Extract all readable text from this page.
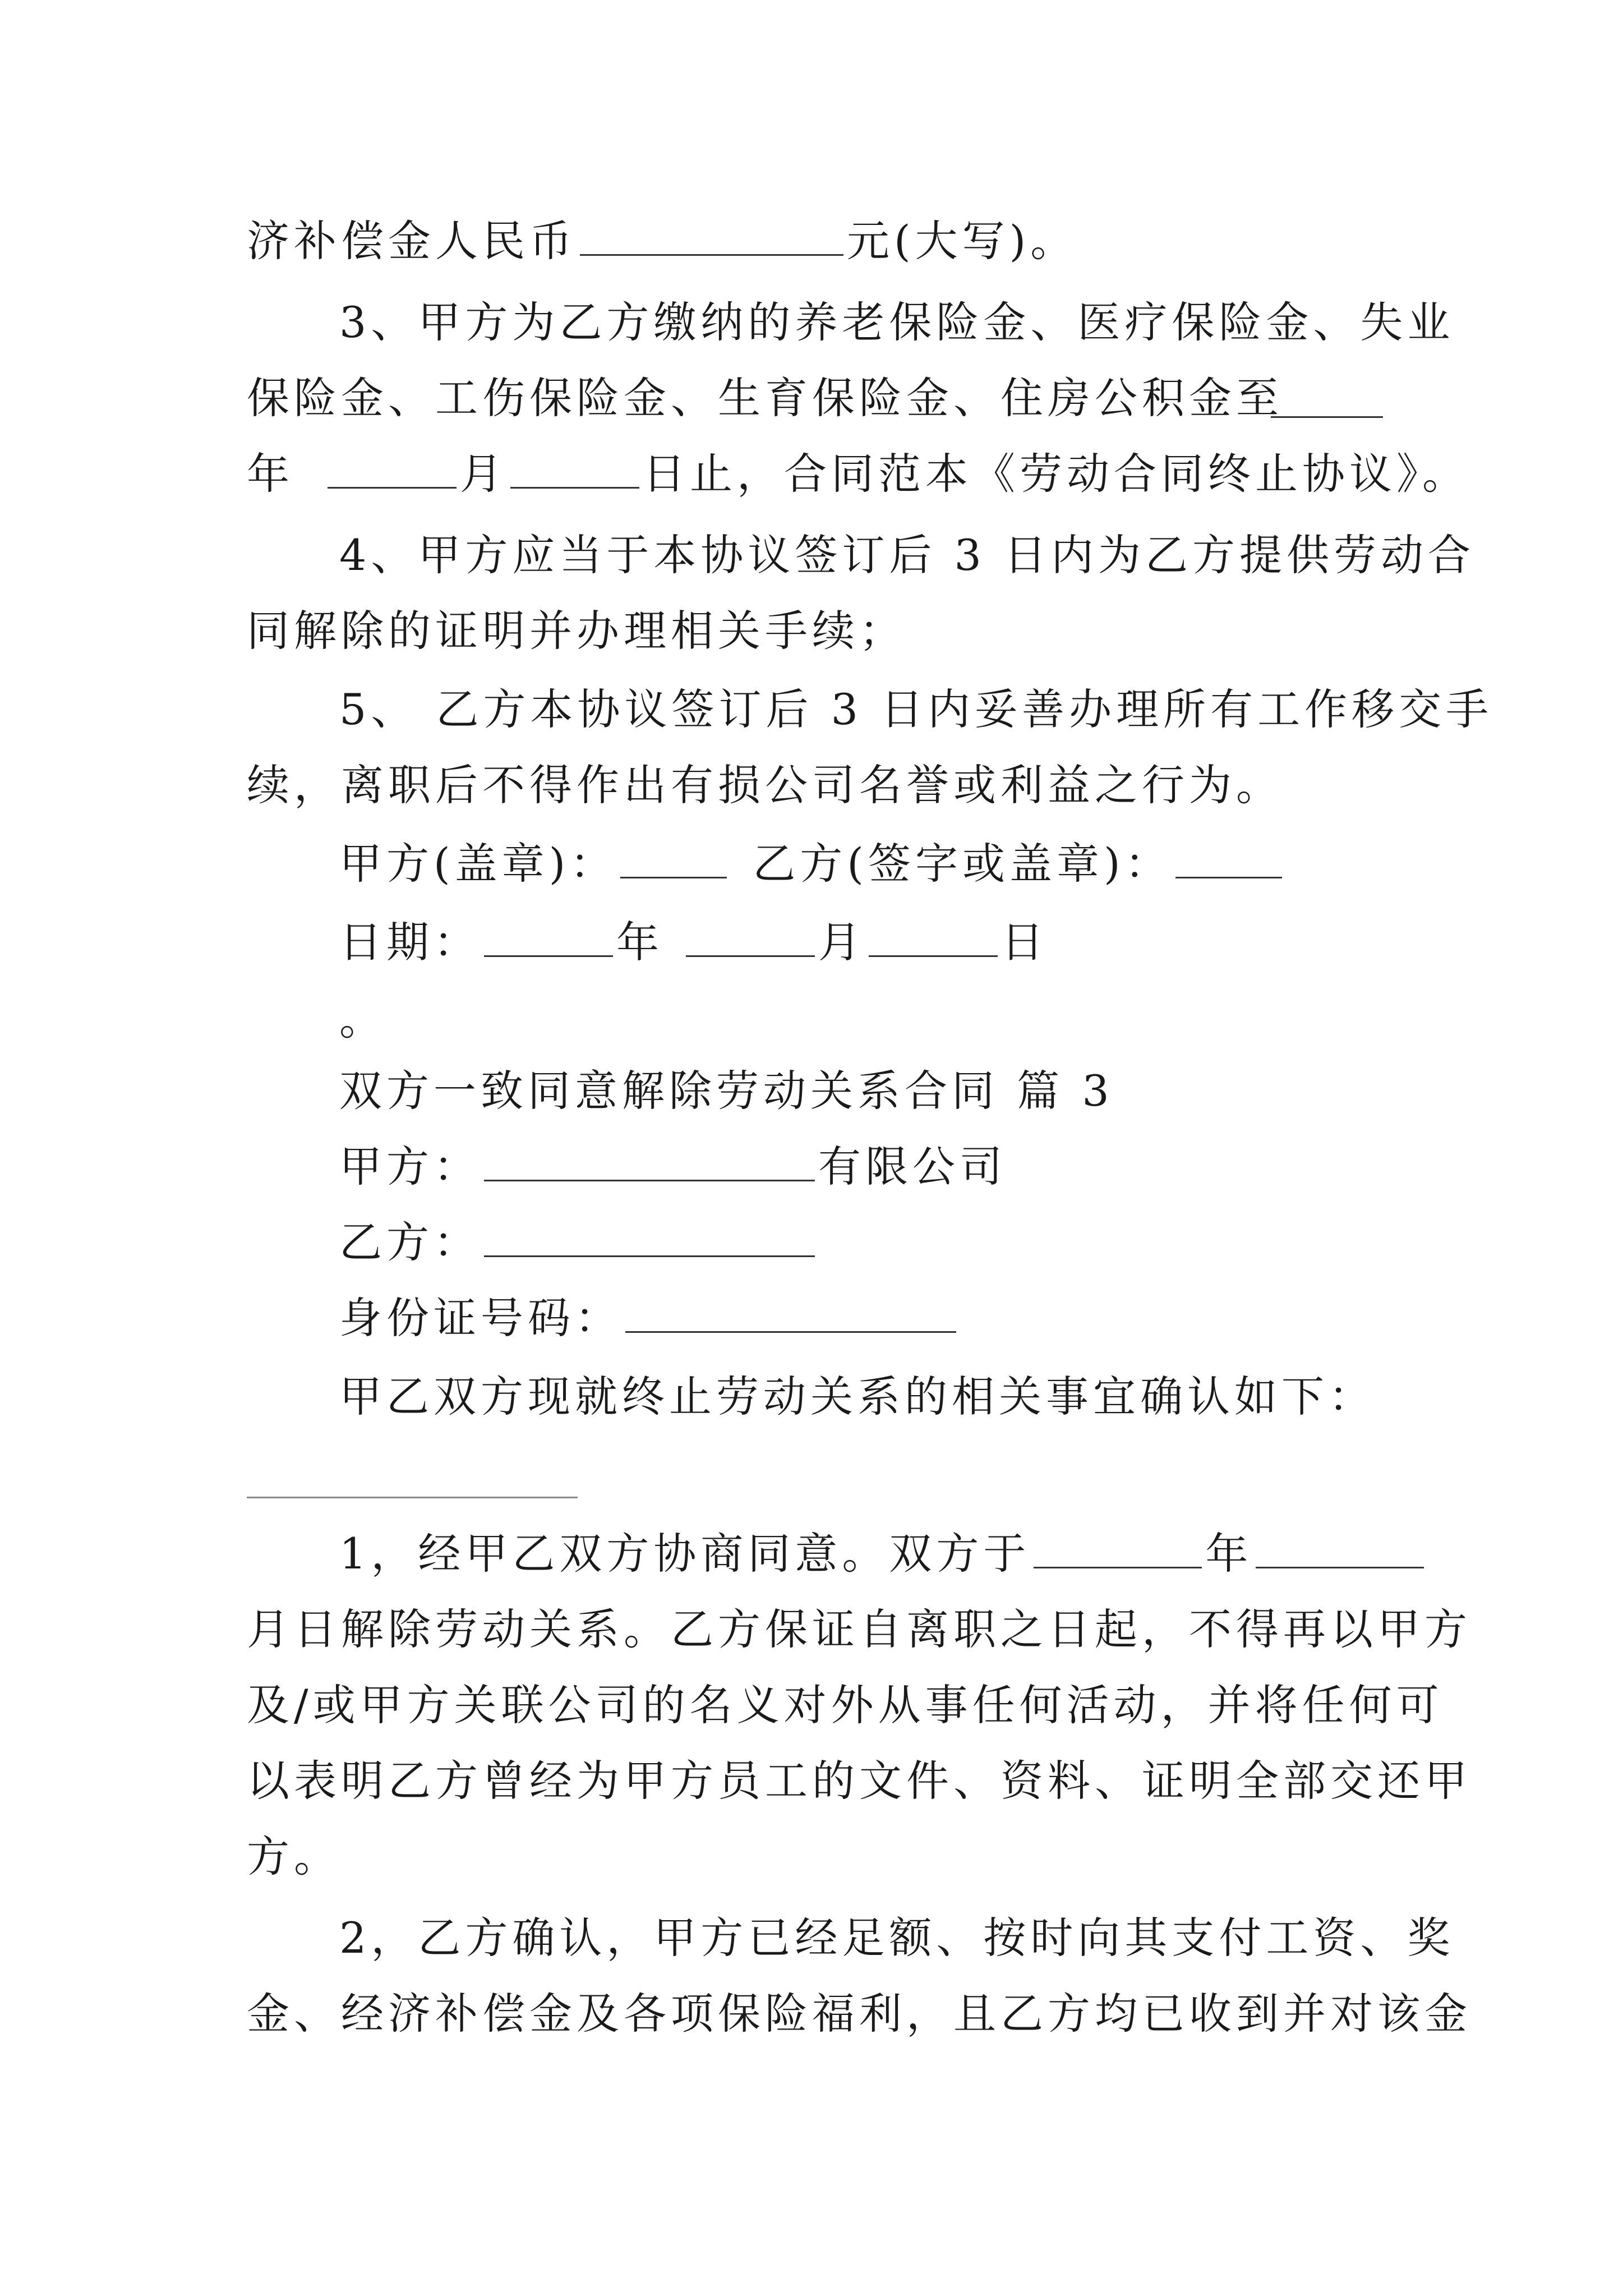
济补偿金人民币	元(大写)。
3、甲方为乙方缴纳的养老保险金、医疗保险金、失业
保险金、工伤保险金、生育保险金、住房公积金至
年	月	日止，合同范本《劳动合同终止协议》。
4、甲方应当于本协议签订后 3 日内为乙方提供劳动合
同解除的证明并办理相关手续；
5、 乙方本协议签订后 3 日内妥善办理所有工作移交手
续，离职后不得作出有损公司名誉或利益之行为。
甲方(盖章)：	乙方(签字或盖章)：
日期：	年	月	日
。
双方一致同意解除劳动关系合同 篇 3
甲方：	有限公司
乙方：
身份证号码：
甲乙双方现就终止劳动关系的相关事宜确认如下：
1，经甲乙双方协商同意。双方于	年
月日解除劳动关系。乙方保证自离职之日起，不得再以甲方
及/或甲方关联公司的名义对外从事任何活动，并将任何可
以表明乙方曾经为甲方员工的文件、资料、证明全部交还甲
方。
2，乙方确认，甲方已经足额、按时向其支付工资、奖
金、经济补偿金及各项保险福利，且乙方均已收到并对该金
